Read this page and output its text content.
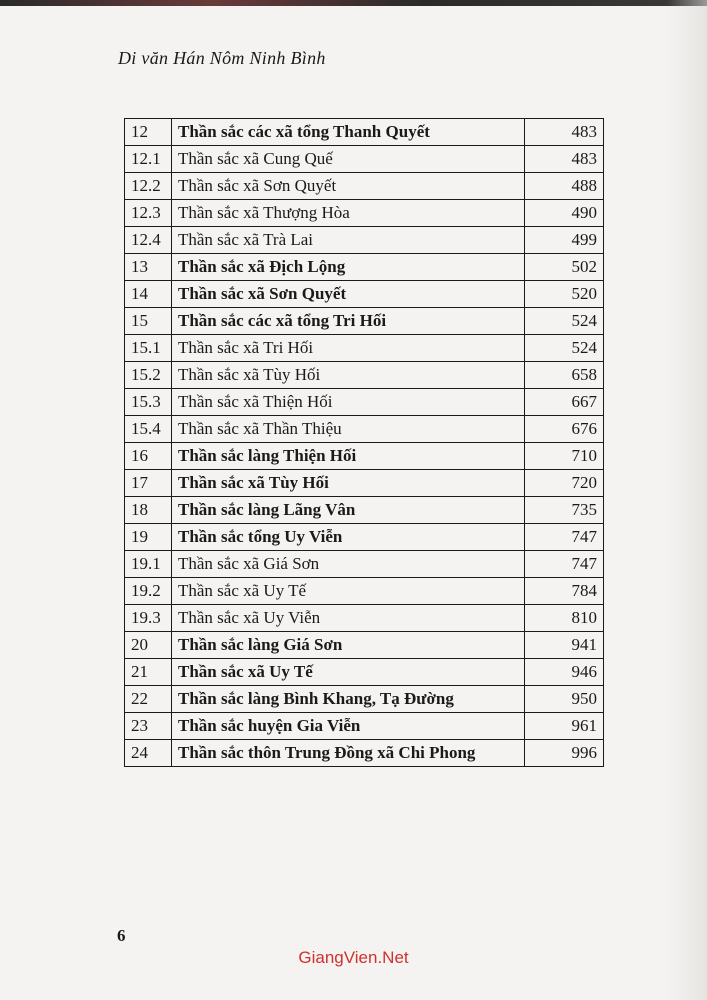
Di văn Hán Nôm Ninh Bình
12	Thần sắc các xã tổng Thanh Quyết	483
12.1	Thần sắc xã Cung Quế	483
12.2	Thần sắc xã Sơn Quyết	488
12.3	Thần sắc xã Thượng Hòa	490
12.4	Thần sắc xã Trà Lai	499
13	Thần sắc xã Địch Lộng	502
14	Thần sắc xã Sơn Quyết	520
15	Thần sắc các xã tổng Tri Hối	524
15.1	Thần sắc xã Tri Hối	524
15.2	Thần sắc xã Tùy Hối	658
15.3	Thần sắc xã Thiện Hối	667
15.4	Thần sắc xã Thần Thiệu	676
16	Thần sắc làng Thiện Hối	710
17	Thần sắc xã Tùy Hối	720
18	Thần sắc làng Lãng Vân	735
19	Thần sắc tổng Uy Viễn	747
19.1	Thần sắc xã Giá Sơn	747
19.2	Thần sắc xã Uy Tế	784
19.3	Thần sắc xã Uy Viễn	810
20	Thần sắc làng Giá Sơn	941
21	Thần sắc xã Uy Tế	946
22	Thần sắc làng Bình Khang, Tạ Đường	950
23	Thần sắc huyện Gia Viễn	961
24	Thần sắc thôn Trung Đồng xã Chi Phong	996
6
GiangVien.Net
